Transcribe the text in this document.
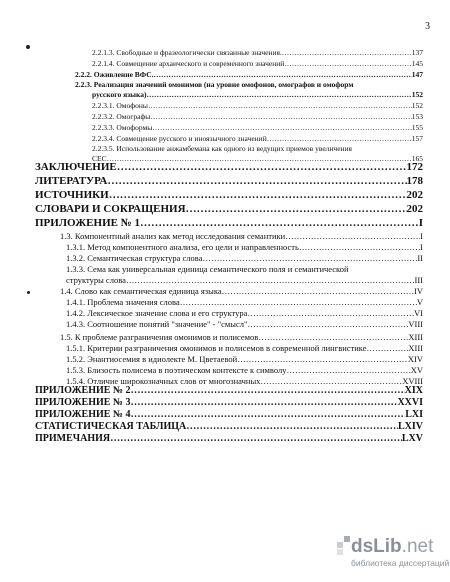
3
2.2.1.3. Свободные и фразеологически связанные значения. ……………………………………………………………………………………………………………………………………………………………………………………………………	137
2.2.1.4. Совмещение архаического и современного значений ……………………………………………………………………………………………………………………………………………………………………………………………………	145
2.2.2. Оживление ВФС. ……………………………………………………………………………………………………………………………………………………………………………………………………	147
2.2.3. Реализация значений омонимов (на уровне омофонов, омографов и омоформ
русского языка) ……………………………………………………………………………………………………………………………………………………………………………………………………	152
2.2.3.1. Омофоны ……………………………………………………………………………………………………………………………………………………………………………………………………	152
2.2.3.2. Омографы ……………………………………………………………………………………………………………………………………………………………………………………………………	153
2.2.3.3. Омоформы ……………………………………………………………………………………………………………………………………………………………………………………………………	155
2.2.3.4. Совмещение русского и иноязычного значений ……………………………………………………………………………………………………………………………………………………………………………………………………	157
2.2.3.5. Использование анжамбемана как одного из ведущих приемов увеличения
СЕС ……………………………………………………………………………………………………………………………………………………………………………………………………	165
ЗАКЛЮЧЕНИЕ ……………………………………………………………………………………………………………………………………………………………………………………………………	172
ЛИТЕРАТУРА ……………………………………………………………………………………………………………………………………………………………………………………………………	178
ИСТОЧНИКИ ……………………………………………………………………………………………………………………………………………………………………………………………………	202
СЛОВАРИ И СОКРАЩЕНИЯ ……………………………………………………………………………………………………………………………………………………………………………………………………	202
ПРИЛОЖЕНИЕ № 1 ……………………………………………………………………………………………………………………………………………………………………………………………………	I
1.3. Компонентный анализ как метод исследования семантики ……………………………………………………………………………………………………………………………………………………………………………………………………	I
1.3.1. Метод компонентного анализа, его цели и направленность ……………………………………………………………………………………………………………………………………………………………………………………………………	I
1.3.2. Семантическая структура слова ……………………………………………………………………………………………………………………………………………………………………………………………………	II
1.3.3. Сема как универсальная единица семантического поля и семантической
структуры слова ……………………………………………………………………………………………………………………………………………………………………………………………………	III
1.4. Слово как семантическая единица языка ……………………………………………………………………………………………………………………………………………………………………………………………………	IV
1.4.1. Проблема значения слова ……………………………………………………………………………………………………………………………………………………………………………………………………	V
1.4.2. Лексическое значение слова и его структура ……………………………………………………………………………………………………………………………………………………………………………………………………	VI
1.4.3. Соотношение понятий "значение" - "смысл" ……………………………………………………………………………………………………………………………………………………………………………………………………	VIII
1.5. К проблеме разграничения омонимов и полисемов ……………………………………………………………………………………………………………………………………………………………………………………………………	XIII
1.5.1. Критерии разграничения омонимов и полисемов в современной лингвистике ……………………………………………………………………………………………………………………………………………………………………………………………………	XIII
1.5.2. Энантиосемия в идиолекте М. Цветаевой ……………………………………………………………………………………………………………………………………………………………………………………………………	XIV
1.5.3. Близость полисема в поэтическом контексте к символу ……………………………………………………………………………………………………………………………………………………………………………………………………	XV
1.5.4. Отличие широкозначных слов от многозначных ……………………………………………………………………………………………………………………………………………………………………………………………………	XVIII
ПРИЛОЖЕНИЕ № 2 ……………………………………………………………………………………………………………………………………………………………………………………………………	XIX
ПРИЛОЖЕНИЕ № 3 ……………………………………………………………………………………………………………………………………………………………………………………………………	XXVI
ПРИЛОЖЕНИЕ № 4 ……………………………………………………………………………………………………………………………………………………………………………………………………	LXI
СТАТИСТИЧЕСКАЯ ТАБЛИЦА ……………………………………………………………………………………………………………………………………………………………………………………………………	LXIV
ПРИМЕЧАНИЯ ……………………………………………………………………………………………………………………………………………………………………………………………………	LXV
dsLib.net
библиотека диссертаций
